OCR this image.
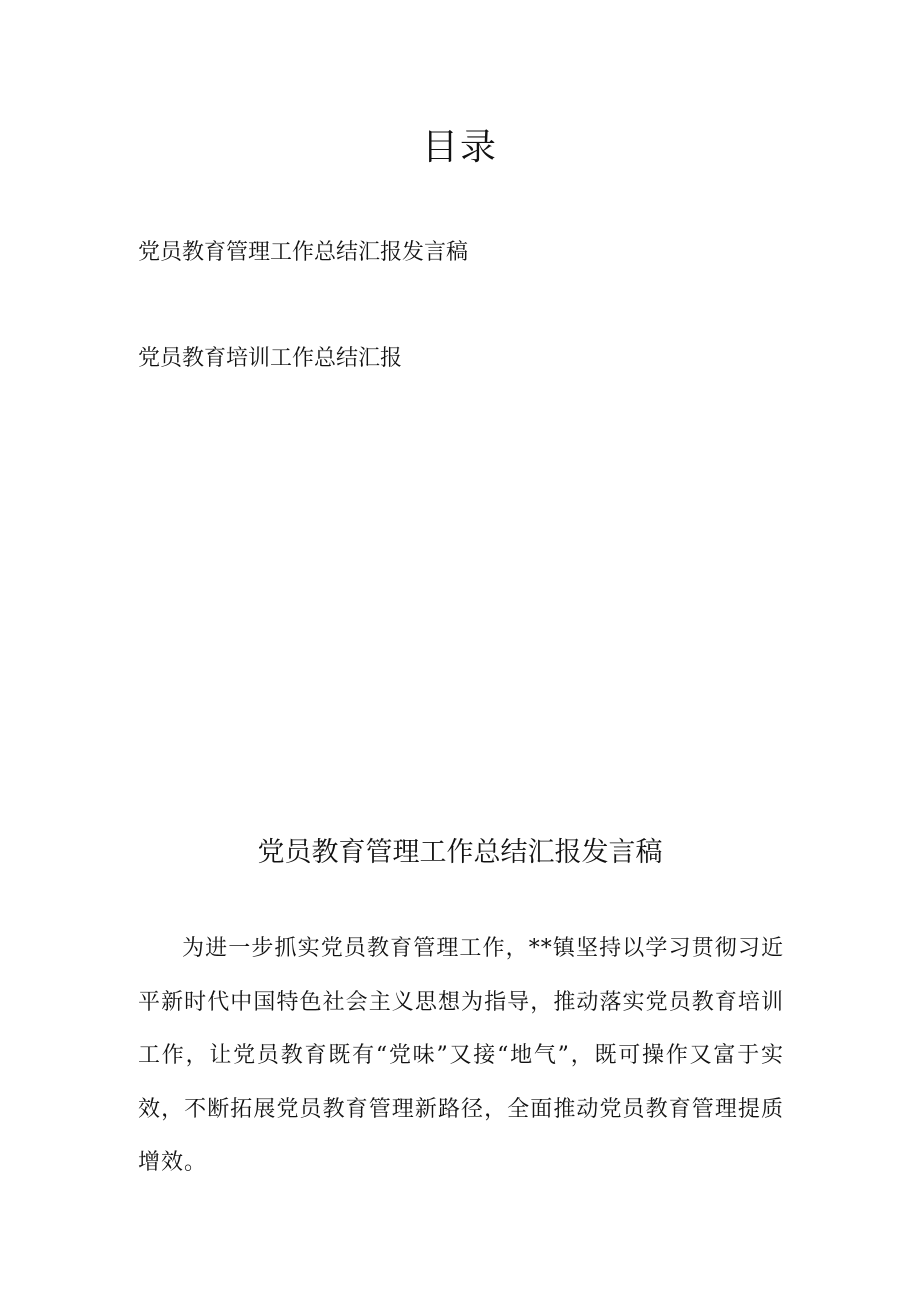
目录
党员教育管理工作总结汇报发言稿
党员教育培训工作总结汇报
党员教育管理工作总结汇报发言稿

为进一步抓实党员教育管理工作，**镇坚持以学习贯彻习近平新时代中国特色社会主义思想为指导，推动落实党员教育培训工作，让党员教育既有“党味”又接“地气”，既可操作又富于实效，不断拓展党员教育管理新路径，全面推动党员教育管理提质增效。
